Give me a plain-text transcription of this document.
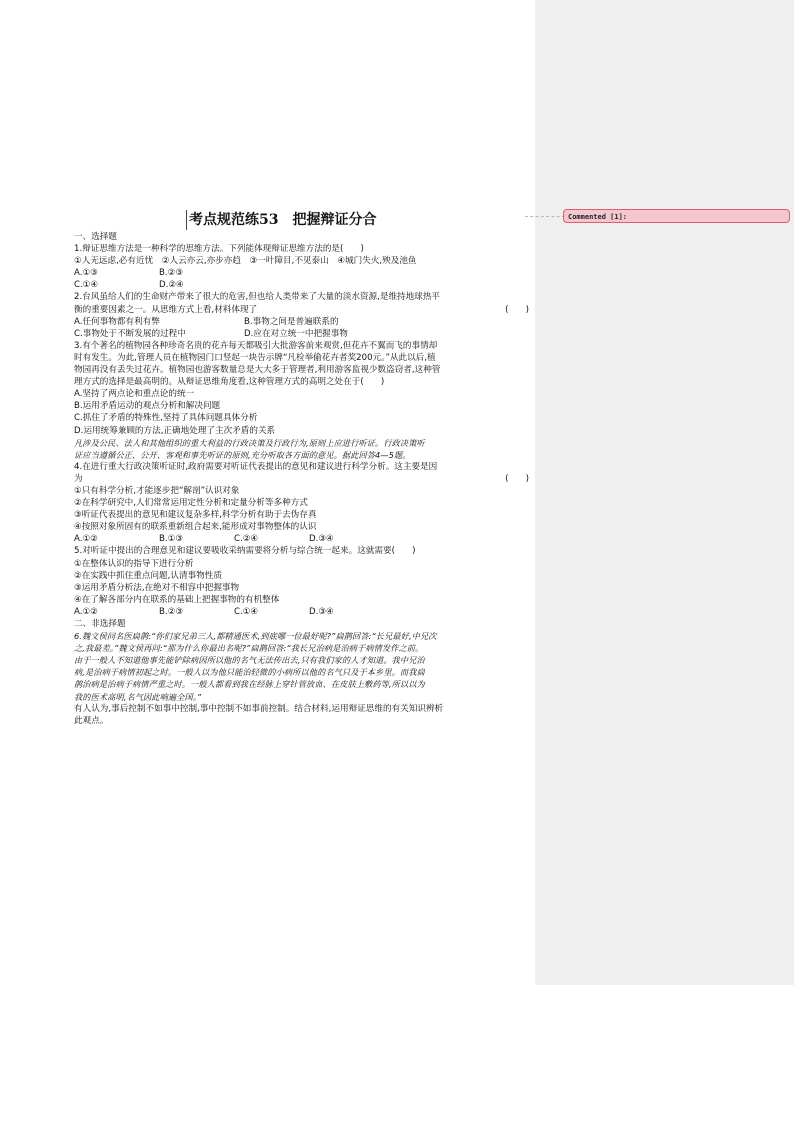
Commented [1]:
考点规范练53　把握辩证分合

一、选择题

1.辩证思维方法是一种科学的思维方法。下列能体现辩证思维方法的是(　　)

①人无远虑,必有近忧　②人云亦云,亦步亦趋　③一叶障目,不见泰山　④城门失火,殃及池鱼

A.①③	B.②③
C.①④	D.②④

2.台风虽给人们的生命财产带来了很大的危害,但也给人类带来了大量的淡水资源,是维持地球热平

衡的重要因素之一。从思维方式上看,材料体现了	(　　)

A.任何事物都有利有弊	B.事物之间是普遍联系的
C.事物处于不断发展的过程中	D.应在对立统一中把握事物

3.有个著名的植物园各种珍奇名贵的花卉每天都吸引大批游客前来观赏,但花卉不翼而飞的事情却

时有发生。为此,管理人员在植物园门口竖起一块告示牌“凡检举偷花卉者奖200元。”从此以后,植

物园再没有丢失过花卉。植物园也游客数量总是大大多于管理者,利用游客监视少数盗窃者,这种管

理方式的选择是最高明的。从辩证思维角度看,这种管理方式的高明之处在于(　　)

A.坚持了两点论和重点论的统一

B.运用矛盾运动的观点分析和解决问题

C.抓住了矛盾的特殊性,坚持了具体问题具体分析

D.运用统筹兼顾的方法,正确地处理了主次矛盾的关系

凡涉及公民、法人和其他组织的重大利益的行政决策及行政行为,原则上应进行听证。行政决策听

证应当遵循公正、公开、客观和事先听证的原则,充分听取各方面的意见。据此回答4—5题。

4.在进行重大行政决策听证时,政府需要对听证代表提出的意见和建议进行科学分析。这主要是因

为	(　　)

①只有科学分析,才能逐步把“解剖”认识对象

②在科学研究中,人们常常运用定性分析和定量分析等多种方式

③听证代表提出的意见和建议复杂多样,科学分析有助于去伪存真

④按照对象所固有的联系重新组合起来,能形成对事物整体的认识

A.①②	B.①③	C.②④	D.③④

5.对听证中提出的合理意见和建议要吸收采纳需要将分析与综合统一起来。这就需要(　　)

①在整体认识的指导下进行分析

②在实践中抓住重点问题,认清事物性质

③运用矛盾分析法,在绝对不相容中把握事物

④在了解各部分内在联系的基础上把握事物的有机整体

A.①②	B.②③	C.①④	D.③④

二、非选择题

6.魏文侯问名医扁鹊:“你们家兄弟三人,都精通医术,到底哪一位最好呢?”扁鹊回答:“长兄最好,中兄次

之,我最差。”魏文侯再问:“那为什么你最出名呢?”扁鹊回答:“我长兄治病是治病于病情发作之前。

由于一般人不知道他事先能铲除病因所以他的名气无法传出去,只有我们家的人才知道。我中兄治

病,是治病于病情初起之时。一般人以为他只能治轻微的小病所以他的名气只及于本乡里。而我扁

鹊治病是治病于病情严重之时。一般人都看到我在经脉上穿针管放血、在皮肤上敷药等,所以以为

我的医术高明,名气因此响遍全国。”

有人认为,事后控制不如事中控制,事中控制不如事前控制。结合材料,运用辩证思维的有关知识辨析

此观点。
